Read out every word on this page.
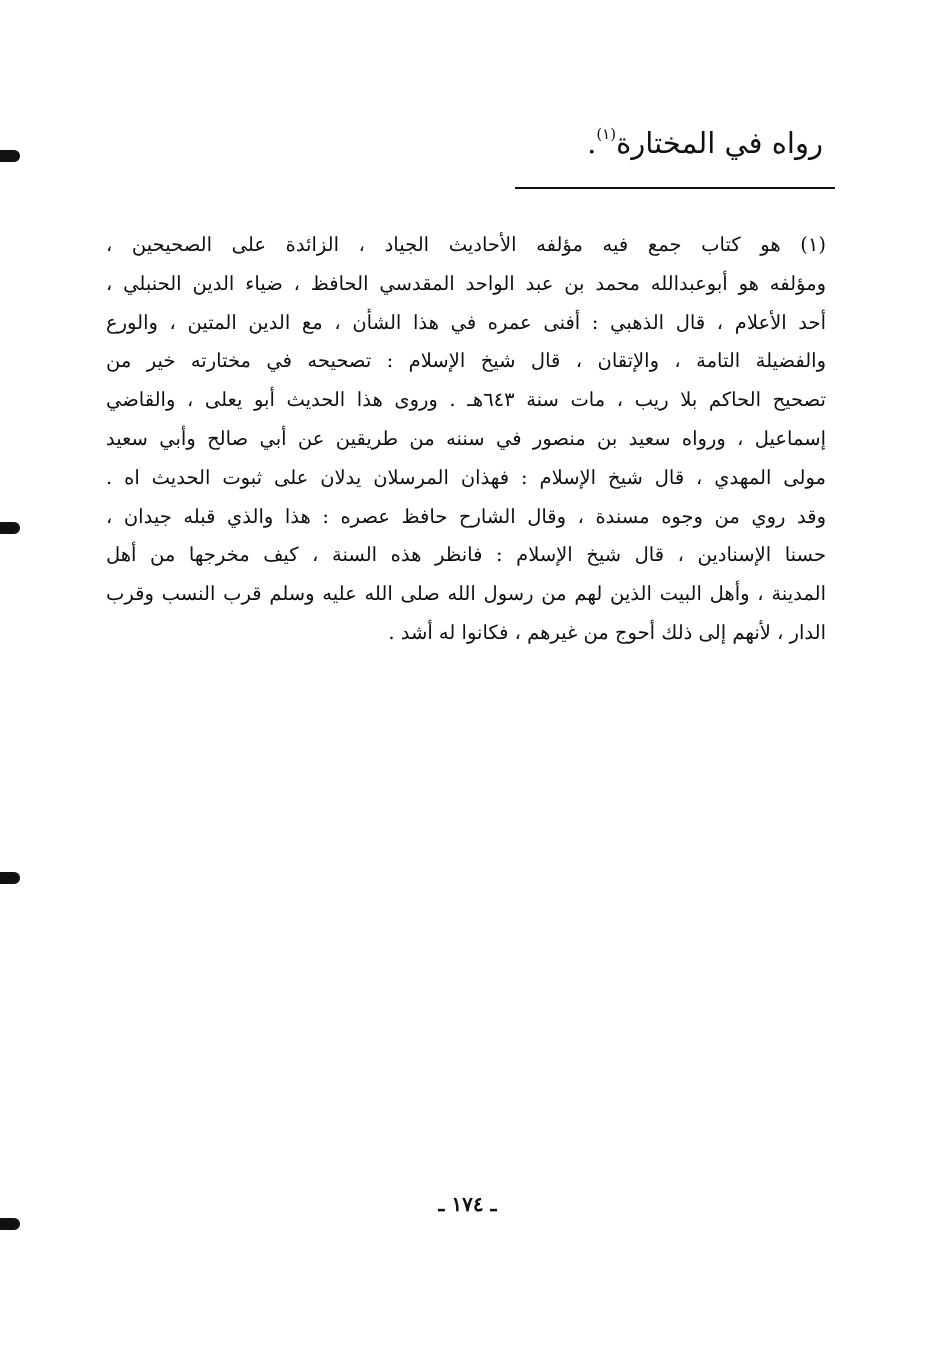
رواه في المختارة$^{(١)}$.
(١) هو كتاب جمع فيه مؤلفه الأحاديث الجياد ، الزائدة على الصحيحين ،
ومؤلفه هو أبوعبدالله محمد بن عبد الواحد المقدسي الحافظ ، ضياء الدين الحنبلي ،
أحد الأعلام ، قال الذهبي : أفنى عمره في هذا الشأن ، مع الدين المتين ، والورع
والفضيلة التامة ، والإتقان ، قال شيخ الإسلام : تصحيحه في مختارته خير من
تصحيح الحاكم بلا ريب ، مات سنة ٦٤٣هـ . وروى هذا الحديث أبو يعلى ، والقاضي
إسماعيل ، ورواه سعيد بن منصور في سننه من طريقين عن أبي صالح وأبي سعيد
مولى المهدي ، قال شيخ الإسلام : فهذان المرسلان يدلان على ثبوت الحديث اه .
وقد روي من وجوه مسندة ، وقال الشارح حافظ عصره : هذا والذي قبله جيدان ،
حسنا الإسنادين ، قال شيخ الإسلام : فانظر هذه السنة ، كيف مخرجها من أهل
المدينة ، وأهل البيت الذين لهم من رسول الله صلى الله عليه وسلم قرب النسب وقرب
الدار ، لأنهم إلى ذلك أحوج من غيرهم ، فكانوا له أشد .
ـ ١٧٤ ـ
